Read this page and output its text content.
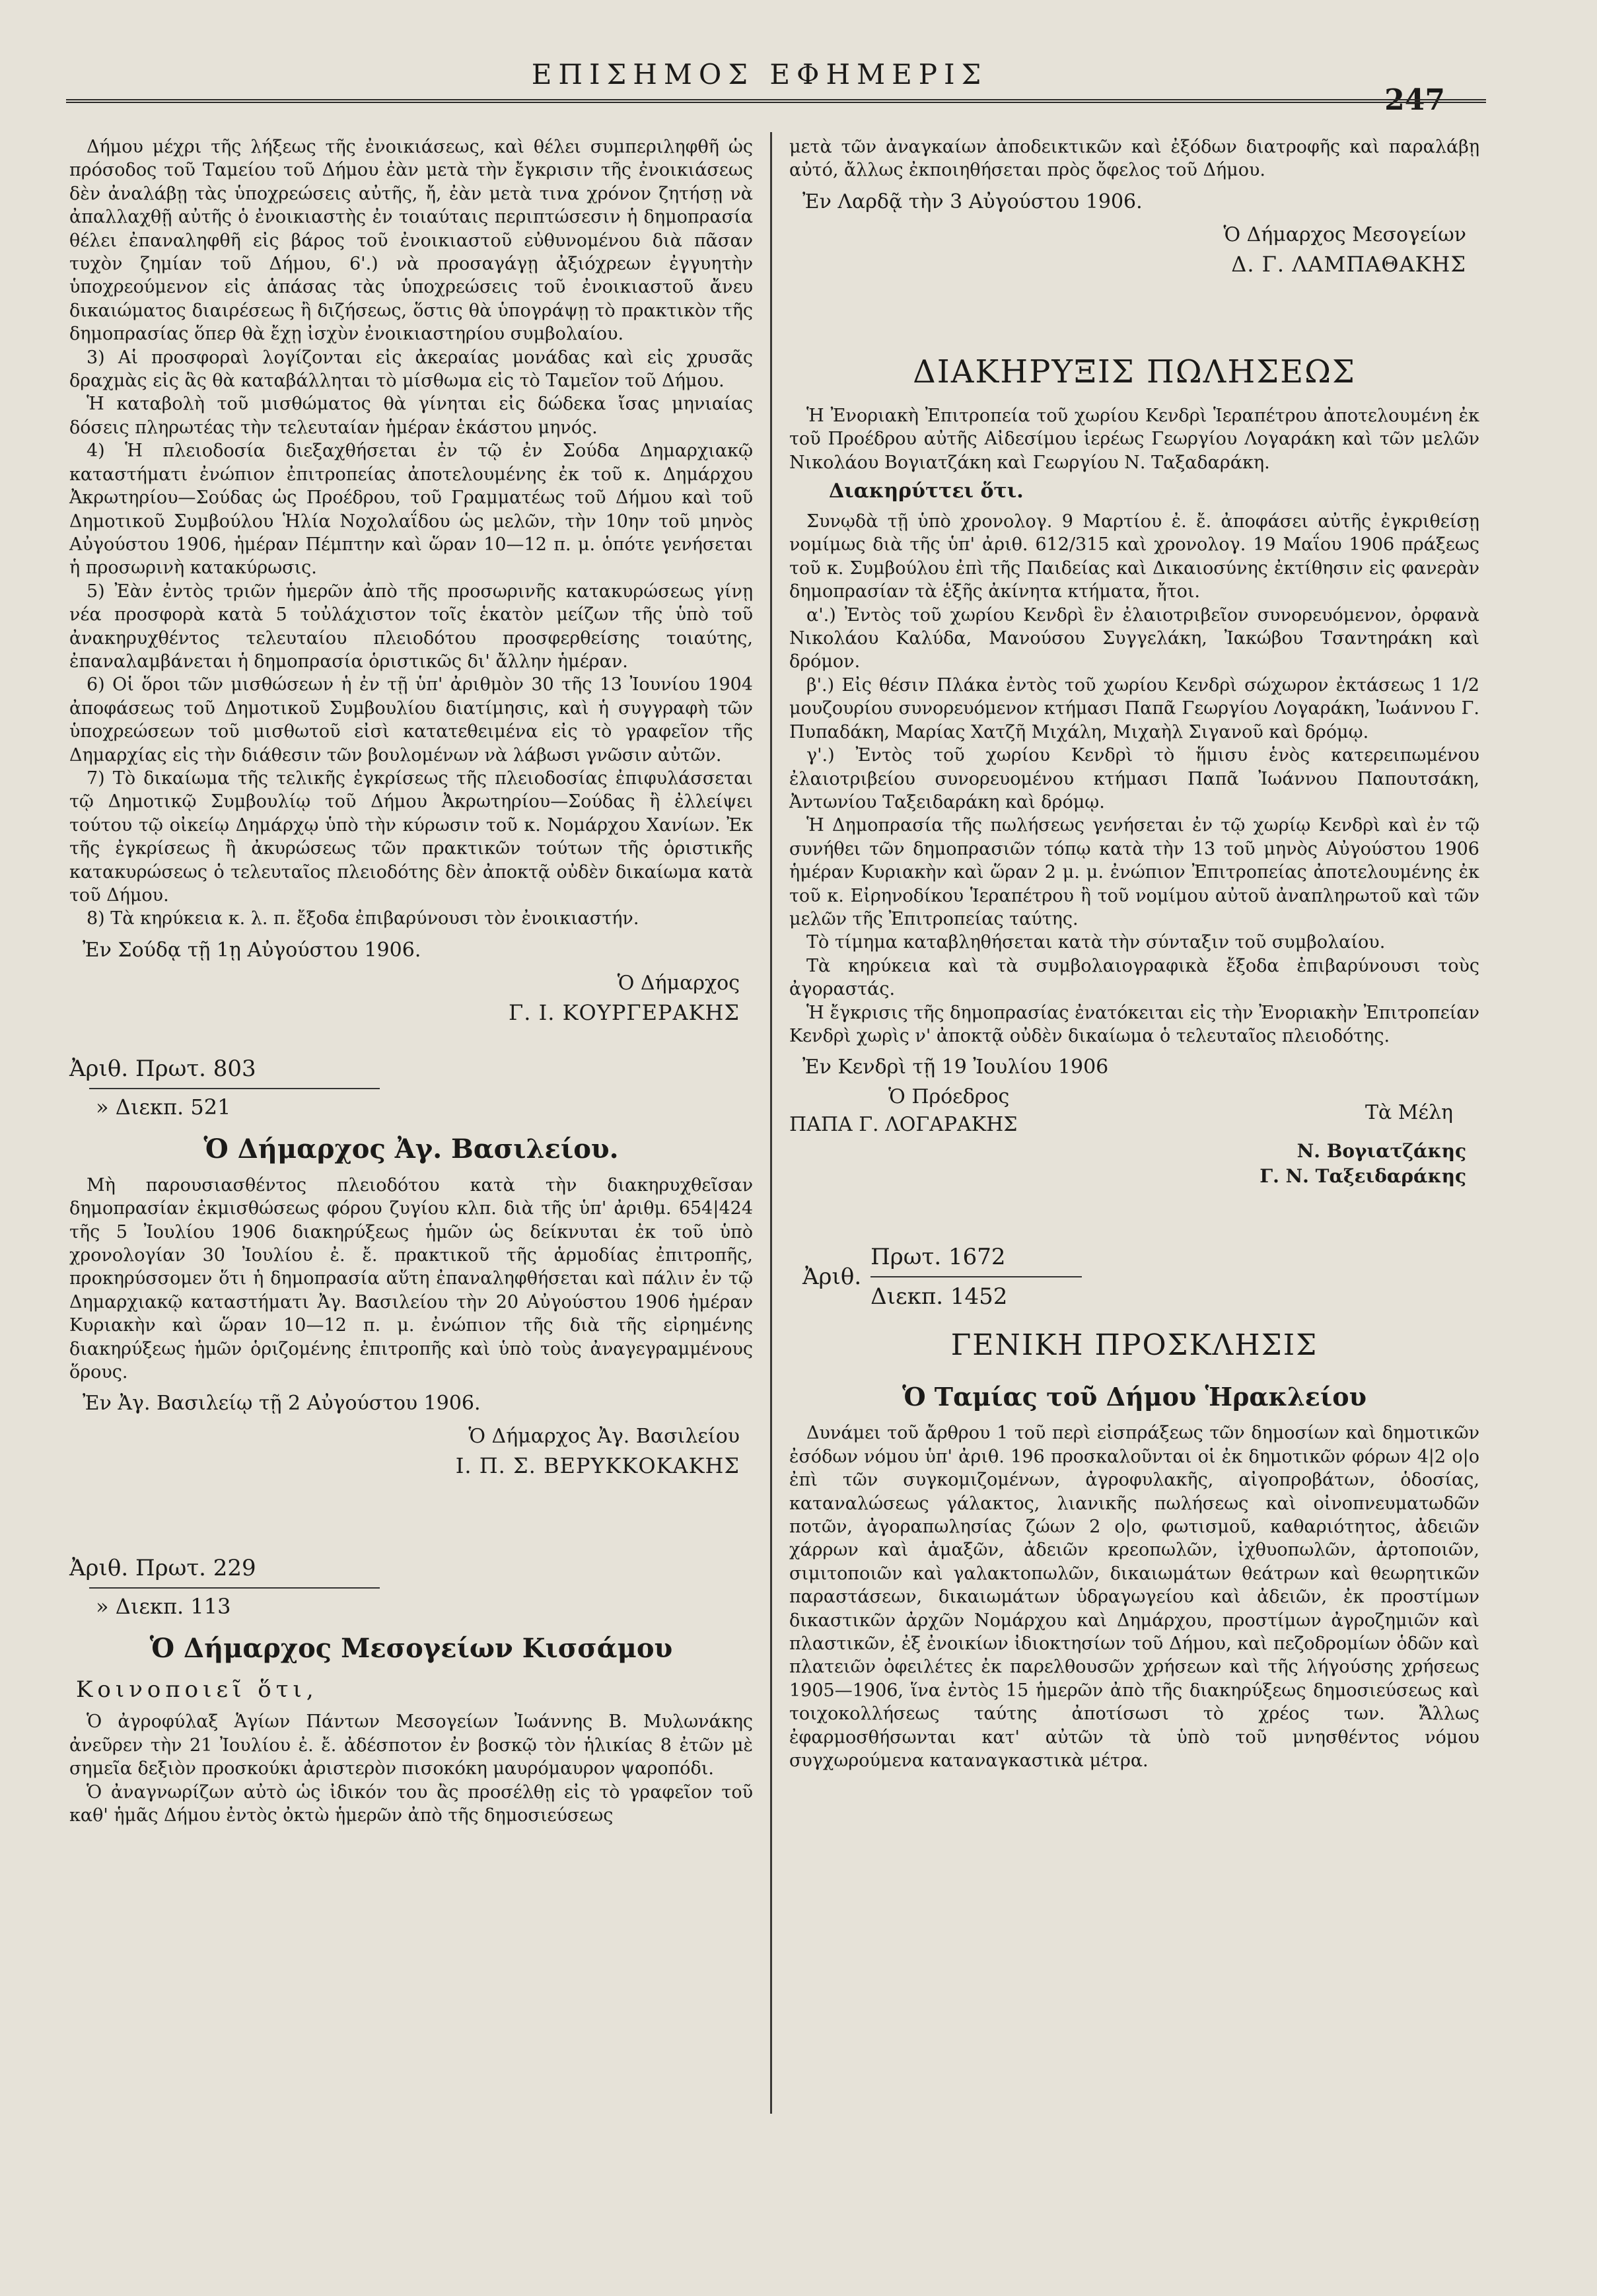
ΕΠΙΣΗΜΟΣ ΕΦΗΜΕΡΙΣ
247

Δήμου μέχρι τῆς λήξεως τῆς ἐνοικιάσεως, καὶ θέλει συμπεριληφθῆ ὡς πρόσοδος τοῦ Ταμείου τοῦ Δήμου ἐὰν μετὰ τὴν ἔγκρισιν τῆς ἐνοικιάσεως δὲν ἀναλάβῃ τὰς ὑποχρεώσεις αὐτῆς, ἤ, ἐὰν μετὰ τινα χρόνον ζητήσῃ νὰ ἀπαλλαχθῇ αὐτῆς ὁ ἐνοικιαστὴς ἐν τοιαύταις περιπτώσεσιν ἡ δημοπρασία θέλει ἐπαναληφθῆ εἰς βάρος τοῦ ἐνοικιαστοῦ εὐθυνομένου διὰ πᾶσαν τυχὸν ζημίαν τοῦ Δήμου, 6'.) νὰ προσαγάγῃ ἀξιόχρεων ἐγγυητὴν ὑποχρεούμενον εἰς ἁπάσας τὰς ὑποχρεώσεις τοῦ ἐνοικιαστοῦ ἄνευ δικαιώματος διαιρέσεως ἢ διζήσεως, ὅστις θὰ ὑπογράψῃ τὸ πρακτικὸν τῆς δημοπρασίας ὅπερ θὰ ἔχῃ ἰσχὺν ἐνοικιαστηρίου συμβολαίου.

3) Αἱ προσφοραὶ λογίζονται εἰς ἀκεραίας μονάδας καὶ εἰς χρυσᾶς δραχμὰς εἰς ἃς θὰ καταβάλληται τὸ μίσθωμα εἰς τὸ Ταμεῖον τοῦ Δήμου.

Ἡ καταβολὴ τοῦ μισθώματος θὰ γίνηται εἰς δώδεκα ἴσας μηνιαίας δόσεις πληρωτέας τὴν τελευταίαν ἡμέραν ἑκάστου μηνός.

4) Ἡ πλειοδοσία διεξαχθήσεται ἐν τῷ ἐν Σούδα Δημαρχιακῷ καταστήματι ἐνώπιον ἐπιτροπείας ἀποτελουμένης ἐκ τοῦ κ. Δημάρχου Ἀκρωτηρίου—Σούδας ὡς Προέδρου, τοῦ Γραμματέως τοῦ Δήμου καὶ τοῦ Δημοτικοῦ Συμβούλου Ἡλία Νοχολαΐδου ὡς μελῶν, τὴν 10ην τοῦ μηνὸς Αὐγούστου 1906, ἡμέραν Πέμπτην καὶ ὥραν 10—12 π. μ. ὁπότε γενήσεται ἡ προσωρινὴ κατακύρωσις.

5) Ἐὰν ἐντὸς τριῶν ἡμερῶν ἀπὸ τῆς προσωρινῆς κατακυρώσεως γίνῃ νέα προσφορὰ κατὰ 5 τοὐλάχιστον τοῖς ἑκατὸν μείζων τῆς ὑπὸ τοῦ ἀνακηρυχθέντος τελευταίου πλειοδότου προσφερθείσης τοιαύτης, ἐπαναλαμβάνεται ἡ δημοπρασία ὁριστικῶς δι' ἄλλην ἡμέραν.

6) Οἱ ὅροι τῶν μισθώσεων ἡ ἐν τῇ ὑπ' ἀριθμὸν 30 τῆς 13 Ἰουνίου 1904 ἀποφάσεως τοῦ Δημοτικοῦ Συμβουλίου διατίμησις, καὶ ἡ συγγραφὴ τῶν ὑποχρεώσεων τοῦ μισθωτοῦ εἰσὶ κατατεθειμένα εἰς τὸ γραφεῖον τῆς Δημαρχίας εἰς τὴν διάθεσιν τῶν βουλομένων νὰ λάβωσι γνῶσιν αὐτῶν.

7) Τὸ δικαίωμα τῆς τελικῆς ἐγκρίσεως τῆς πλειοδοσίας ἐπιφυλάσσεται τῷ Δημοτικῷ Συμβουλίῳ τοῦ Δήμου Ἀκρωτηρίου—Σούδας ἢ ἐλλείψει τούτου τῷ οἰκείῳ Δημάρχῳ ὑπὸ τὴν κύρωσιν τοῦ κ. Νομάρχου Χανίων. Ἐκ τῆς ἐγκρίσεως ἢ ἀκυρώσεως τῶν πρακτικῶν τούτων τῆς ὁριστικῆς κατακυρώσεως ὁ τελευταῖος πλειοδότης δὲν ἀποκτᾷ οὐδὲν δικαίωμα κατὰ τοῦ Δήμου.

8) Τὰ κηρύκεια κ. λ. π. ἔξοδα ἐπιβαρύνουσι τὸν ἐνοικιαστήν.

Ἐν Σούδᾳ τῇ 1ῃ Αὐγούστου 1906.
Ὁ Δήμαρχος
Γ. Ι. ΚΟΥΡΓΕΡΑΚΗΣ
Ἀριθ. Πρωτ. 803
» Διεκπ. 521
Ὁ Δήμαρχος Ἀγ. Βασιλείου.

Μὴ παρουσιασθέντος πλειοδότου κατὰ τὴν διακηρυχθεῖσαν δημοπρασίαν ἐκμισθώσεως φόρου ζυγίου κλπ. διὰ τῆς ὑπ' ἀριθμ. 654|424 τῆς 5 Ἰουλίου 1906 διακηρύξεως ἡμῶν ὡς δείκνυται ἐκ τοῦ ὑπὸ χρονολογίαν 30 Ἰουλίου ἐ. ἔ. πρακτικοῦ τῆς ἁρμοδίας ἐπιτροπῆς, προκηρύσσομεν ὅτι ἡ δημοπρασία αὕτη ἐπαναληφθήσεται καὶ πάλιν ἐν τῷ Δημαρχιακῷ καταστήματι Ἀγ. Βασιλείου τὴν 20 Αὐγούστου 1906 ἡμέραν Κυριακὴν καὶ ὥραν 10—12 π. μ. ἐνώπιον τῆς διὰ τῆς εἰρημένης διακηρύξεως ἡμῶν ὁριζομένης ἐπιτροπῆς καὶ ὑπὸ τοὺς ἀναγεγραμμένους ὅρους.

Ἐν Ἀγ. Βασιλείῳ τῇ 2 Αὐγούστου 1906.
Ὁ Δήμαρχος Ἀγ. Βασιλείου
Ι. Π. Σ. ΒΕΡΥΚΚΟΚΑΚΗΣ
Ἀριθ. Πρωτ. 229
» Διεκπ. 113
Ὁ Δήμαρχος Μεσογείων Κισσάμου
Κοινοποιεῖ ὅτι,

Ὁ ἀγροφύλαξ Ἁγίων Πάντων Μεσογείων Ἰωάννης Β. Μυλωνάκης ἀνεῦρεν τὴν 21 Ἰουλίου ἐ. ἔ. ἀδέσποτον ἐν βοσκῷ τὸν ἡλικίας 8 ἐτῶν μὲ σημεῖα δεξιὸν προσκούκι ἀριστερὸν πισοκόκη μαυρόμαυρον ψαροπόδι.

Ὁ ἀναγνωρίζων αὐτὸ ὡς ἰδικόν του ἂς προσέλθῃ εἰς τὸ γραφεῖον τοῦ καθ' ἡμᾶς Δήμου ἐντὸς ὀκτὼ ἡμερῶν ἀπὸ τῆς δημοσιεύσεως

μετὰ τῶν ἀναγκαίων ἀποδεικτικῶν καὶ ἐξόδων διατροφῆς καὶ παραλάβῃ αὐτό, ἄλλως ἐκποιηθήσεται πρὸς ὄφελος τοῦ Δήμου.

Ἐν Λαρδᾷ τὴν 3 Αὐγούστου 1906.
Ὁ Δήμαρχος Μεσογείων
Δ. Γ. ΛΑΜΠΑΘΑΚΗΣ
ΔΙΑΚΗΡΥΞΙΣ ΠΩΛΗΣΕΩΣ

Ἡ Ἐνοριακὴ Ἐπιτροπεία τοῦ χωρίου Κενδρὶ Ἱεραπέτρου ἀποτελουμένη ἐκ τοῦ Προέδρου αὐτῆς Αἰδεσίμου ἱερέως Γεωργίου Λογαράκη καὶ τῶν μελῶν Νικολάου Βογιατζάκη καὶ Γεωργίου Ν. Ταξαδαράκη.

Διακηρύττει ὅτι.

Συνῳδὰ τῇ ὑπὸ χρονολογ. 9 Μαρτίου ἐ. ἔ. ἀποφάσει αὐτῆς ἐγκριθείσῃ νομίμως διὰ τῆς ὑπ' ἀριθ. 612/315 καὶ χρονολογ. 19 Μαΐου 1906 πράξεως τοῦ κ. Συμβούλου ἐπὶ τῆς Παιδείας καὶ Δικαιοσύνης ἐκτίθησιν εἰς φανερὰν δημοπρασίαν τὰ ἑξῆς ἀκίνητα κτήματα, ἤτοι.

α'.) Ἐντὸς τοῦ χωρίου Κενδρὶ ἓν ἐλαιοτριβεῖον συνορευόμενον, ὀρφανὰ Νικολάου Καλύδα, Μανούσου Συγγελάκη, Ἰακώβου Τσαντηράκη καὶ δρόμον.

β'.) Εἰς θέσιν Πλάκα ἐντὸς τοῦ χωρίου Κενδρὶ σώχωρον ἐκτάσεως 1 1/2 μουζουρίου συνορευόμενον κτήμασι Παπᾶ Γεωργίου Λογαράκη, Ἰωάννου Γ. Πυπαδάκη, Μαρίας Χατζῆ Μιχάλη, Μιχαὴλ Σιγανοῦ καὶ δρόμῳ.

γ'.) Ἐντὸς τοῦ χωρίου Κενδρὶ τὸ ἥμισυ ἑνὸς κατερειπωμένου ἐλαιοτριβείου συνορευομένου κτήμασι Παπᾶ Ἰωάννου Παπουτσάκη, Ἀντωνίου Ταξειδαράκη καὶ δρόμῳ.

Ἡ Δημοπρασία τῆς πωλήσεως γενήσεται ἐν τῷ χωρίῳ Κενδρὶ καὶ ἐν τῷ συνήθει τῶν δημοπρασιῶν τόπῳ κατὰ τὴν 13 τοῦ μηνὸς Αὐγούστου 1906 ἡμέραν Κυριακὴν καὶ ὥραν 2 μ. μ. ἐνώπιον Ἐπιτροπείας ἀποτελουμένης ἐκ τοῦ κ. Εἰρηνοδίκου Ἱεραπέτρου ἢ τοῦ νομίμου αὐτοῦ ἀναπληρωτοῦ καὶ τῶν μελῶν τῆς Ἐπιτροπείας ταύτης.

Τὸ τίμημα καταβληθήσεται κατὰ τὴν σύνταξιν τοῦ συμβολαίου.

Τὰ κηρύκεια καὶ τὰ συμβολαιογραφικὰ ἔξοδα ἐπιβαρύνουσι τοὺς ἀγοραστάς.

Ἡ ἔγκρισις τῆς δημοπρασίας ἐνατόκειται εἰς τὴν Ἐνοριακὴν Ἐπιτροπείαν Κενδρὶ χωρὶς ν' ἀποκτᾷ οὐδὲν δικαίωμα ὁ τελευταῖος πλειοδότης.

Ἐν Κενδρὶ τῇ 19 Ἰουλίου 1906
Ὁ Πρόεδρος
ΠΑΠΑ Γ. ΛΟΓΑΡΑΚΗΣ
Τὰ Μέλη
Ν. Βογιατζάκης
Γ. Ν. Ταξειδαράκης
Ἀριθ.
Πρωτ. 1672
Διεκπ. 1452
ΓΕΝΙΚΗ ΠΡΟΣΚΛΗΣΙΣ
Ὁ Ταμίας τοῦ Δήμου Ἡρακλείου

Δυνάμει τοῦ ἄρθρου 1 τοῦ περὶ εἰσπράξεως τῶν δημοσίων καὶ δημοτικῶν ἐσόδων νόμου ὑπ' ἀριθ. 196 προσκαλοῦνται οἱ ἐκ δημοτικῶν φόρων 4|2 ο|ο ἐπὶ τῶν συγκομιζομένων, ἀγροφυλακῆς, αἰγοπροβάτων, ὁδοσίας, καταναλώσεως γάλακτος, λιανικῆς πωλήσεως καὶ οἰνοπνευματωδῶν ποτῶν, ἀγοραπωλησίας ζώων 2 ο|ο, φωτισμοῦ, καθαριότητος, ἀδειῶν χάρρων καὶ ἁμαξῶν, ἀδειῶν κρεοπωλῶν, ἰχθυοπωλῶν, ἀρτοποιῶν, σιμιτοποιῶν καὶ γαλακτοπωλῶν, δικαιωμάτων θεάτρων καὶ θεωρητικῶν παραστάσεων, δικαιωμάτων ὑδραγωγείου καὶ ἀδειῶν, ἐκ προστίμων δικαστικῶν ἀρχῶν Νομάρχου καὶ Δημάρχου, προστίμων ἀγροζημιῶν καὶ πλαστικῶν, ἐξ ἐνοικίων ἰδιοκτησίων τοῦ Δήμου, καὶ πεζοδρομίων ὁδῶν καὶ πλατειῶν ὀφειλέτες ἐκ παρελθουσῶν χρήσεων καὶ τῆς λήγούσης χρήσεως 1905—1906, ἵνα ἐντὸς 15 ἡμερῶν ἀπὸ τῆς διακηρύξεως δημοσιεύσεως καὶ τοιχοκολλήσεως ταύτης ἀποτίσωσι τὸ χρέος των. Ἄλλως ἐφαρμοσθήσωνται κατ' αὐτῶν τὰ ὑπὸ τοῦ μνησθέντος νόμου συγχωρούμενα καταναγκαστικὰ μέτρα.
